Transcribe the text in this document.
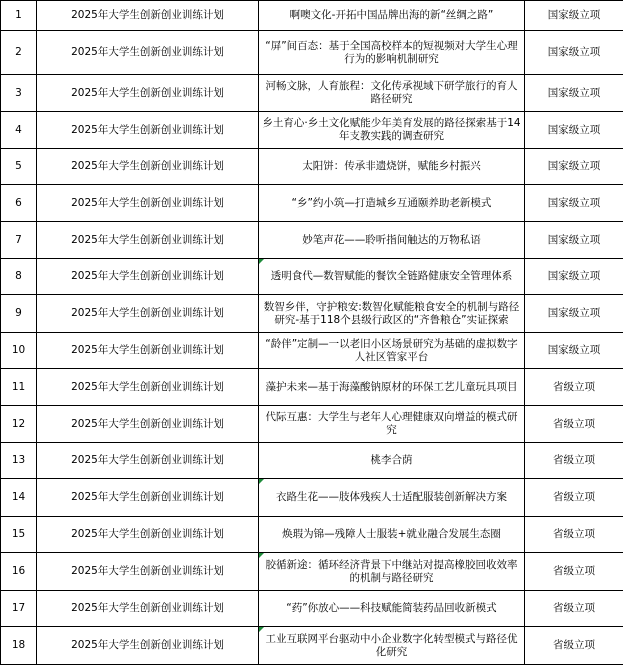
1	2025年大学生创新创业训练计划	啊噢文化-开拓中国品牌出海的新“丝绸之路”	国家级立项

2	2025年大学生创新创业训练计划	“屏”间百态：基于全国高校样本的短视频对大学生心理行为的影响机制研究	国家级立项

3	2025年大学生创新创业训练计划	河畅文脉，人育旅程：文化传承视域下研学旅行的育人路径研究	国家级立项

4	2025年大学生创新创业训练计划	乡土育心·乡土文化赋能少年美育发展的路径探索基于14年支教实践的调查研究	国家级立项

5	2025年大学生创新创业训练计划	太阳饼：传承非遗烧饼，赋能乡村振兴	国家级立项

6	2025年大学生创新创业训练计划	“乡”约小筑—打造城乡互通颐养助老新模式	国家级立项

7	2025年大学生创新创业训练计划	妙笔声花——聆听指间触达的万物私语	国家级立项

8	2025年大学生创新创业训练计划	透明食代—数智赋能的餐饮全链路健康安全管理体系	国家级立项

9	2025年大学生创新创业训练计划	数智乡伴，守护粮安:数智化赋能粮食安全的机制与路径研究-基于118个县级行政区的“齐鲁粮仓”实证探索	国家级立项

10	2025年大学生创新创业训练计划	“龄伴”定制—一以老旧小区场景研究为基础的虚拟数字人社区管家平台	国家级立项

11	2025年大学生创新创业训练计划	藻护未来—基于海藻酸钠原材的环保工艺儿童玩具项目	省级立项

12	2025年大学生创新创业训练计划	代际互惠：大学生与老年人心理健康双向增益的模式研究	省级立项

13	2025年大学生创新创业训练计划	桃李合荫	省级立项

14	2025年大学生创新创业训练计划	衣路生花——肢体残疾人士适配服装创新解决方案	省级立项

15	2025年大学生创新创业训练计划	焕瑕为锦—残障人士服装+就业融合发展生态圈	省级立项

16	2025年大学生创新创业训练计划	胶循新途：循环经济背景下中继站对提高橡胶回收效率的机制与路径研究	省级立项

17	2025年大学生创新创业训练计划	“药”你放心——科技赋能简装药品回收新模式	省级立项

18	2025年大学生创新创业训练计划	工业互联网平台驱动中小企业数字化转型模式与路径优化研究	省级立项
